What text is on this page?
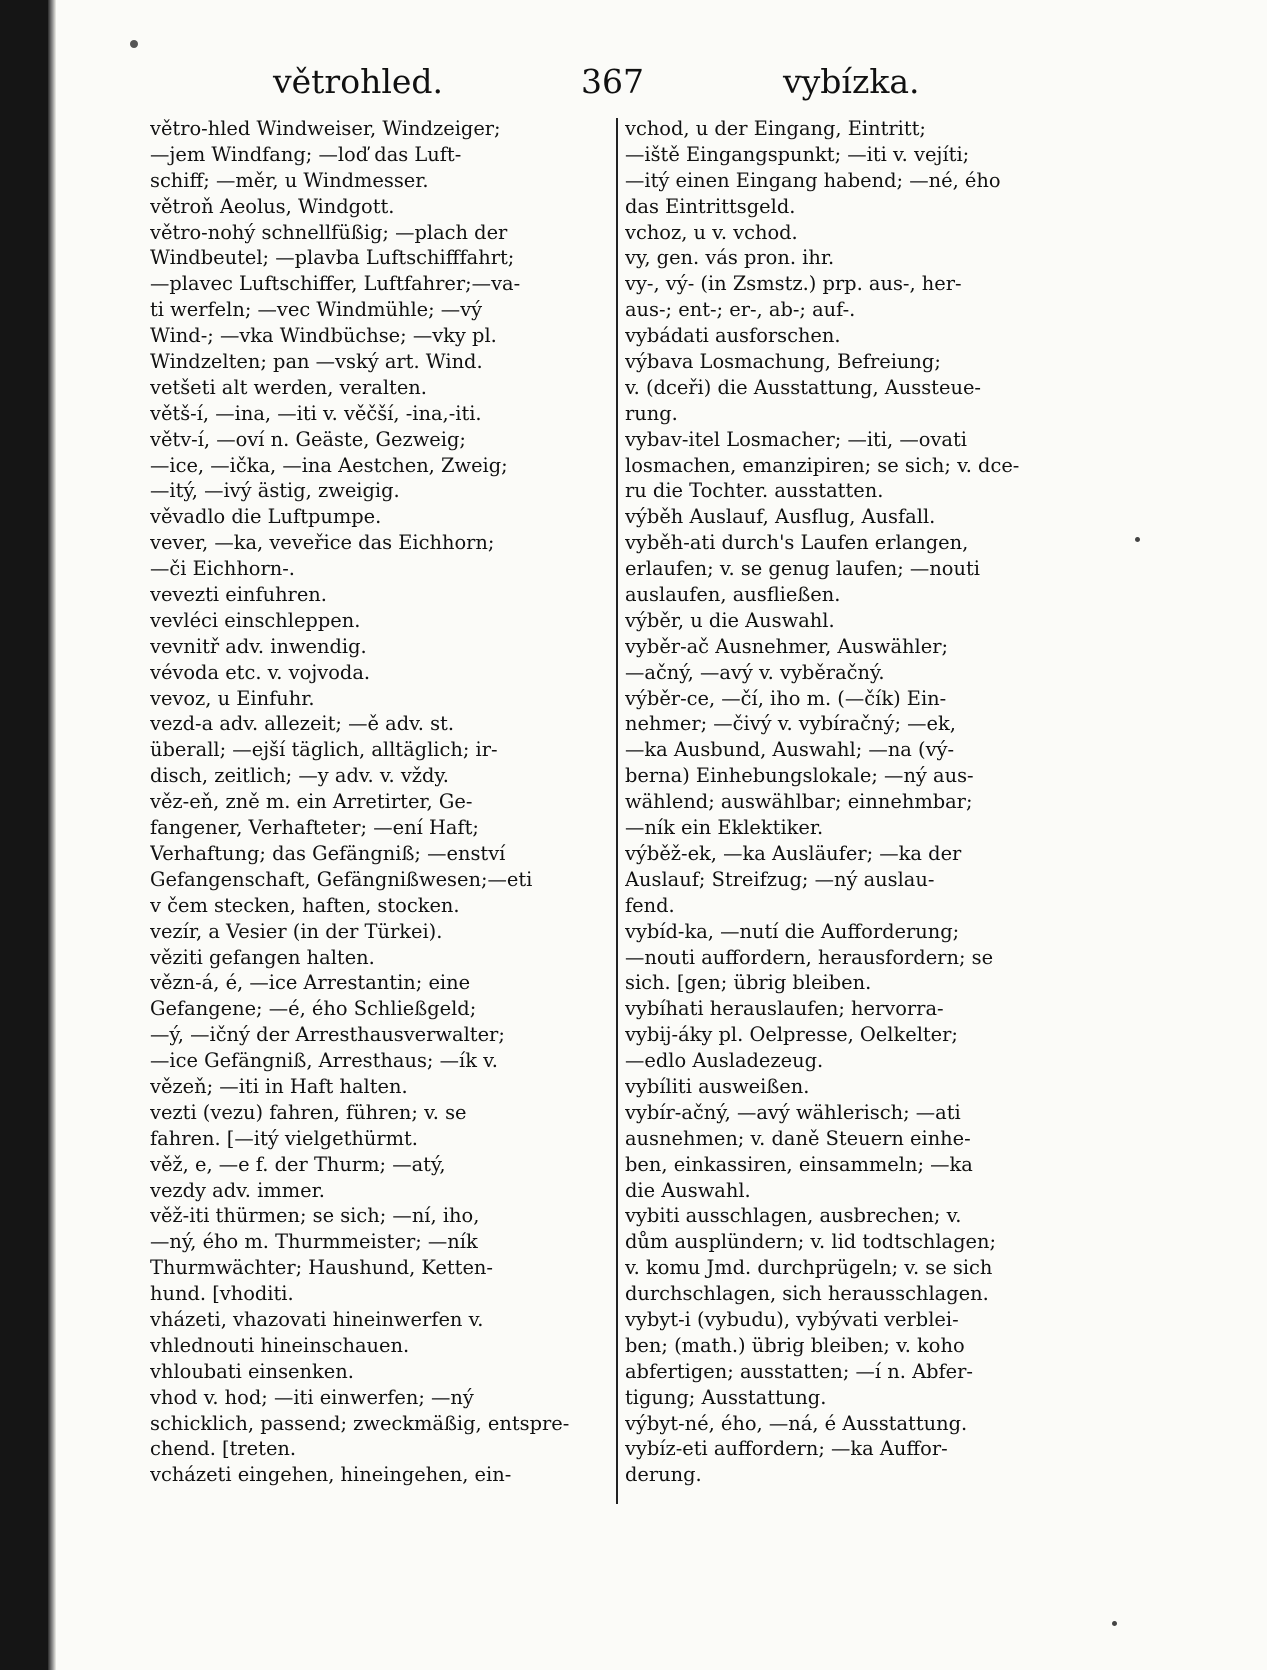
větrohled.	367	vybízka.
větro-hled Windweiser, Windzeiger;
—jem Windfang; —loď das Luft-
schiff; —měr, u Windmesser.
větroň Aeolus, Windgott.
větro-nohý schnellfüßig; —plach der
Windbeutel; —plavba Luftschifffahrt;
—plavec Luftschiffer, Luftfahrer;—va-
ti werfeln; —vec Windmühle; —vý
Wind-; —vka Windbüchse; —vky pl.
Windzelten; pan —vský art. Wind.
vetšeti alt werden, veralten.
větš-í, —ina, —iti v. věčší, -ina,-iti.
větv-í, —oví n. Geäste, Gezweig;
—ice, —ička, —ina Aestchen, Zweig;
—itý, —ivý ästig, zweigig.
věvadlo die Luftpumpe.
vever, —ka, veveřice das Eichhorn;
—či Eichhorn-.
vevezti einfuhren.
vevléci einschleppen.
vevnitř adv. inwendig.
vévoda etc. v. vojvoda.
vevoz, u Einfuhr.
vezd-a adv. allezeit; —ě adv. st.
überall; —ejší täglich, alltäglich; ir-
disch, zeitlich; —y adv. v. vždy.
věz-eň, zně m. ein Arretirter, Ge-
fangener, Verhafteter; —ení Haft;
Verhaftung; das Gefängniß; —enství
Gefangenschaft, Gefängnißwesen;—eti
v čem stecken, haften, stocken.
vezír, a Vesier (in der Türkei).
věziti gefangen halten.
vězn-á, é, —ice Arrestantin; eine
Gefangene; —é, ého Schließgeld;
—ý, —ičný der Arresthausverwalter;
—ice Gefängniß, Arresthaus; —ík v.
vězeň; —iti in Haft halten.
vezti (vezu) fahren, führen; v. se
fahren. [—itý vielgethürmt.
věž, e, —e f. der Thurm; —atý,
vezdy adv. immer.
věž-iti thürmen; se sich; —ní, iho,
—ný, ého m. Thurmmeister; —ník
Thurmwächter; Haushund, Ketten-
hund. [vhoditi.
vházeti, vhazovati hineinwerfen v.
vhlednouti hineinschauen.
vhloubati einsenken.
vhod v. hod; —iti einwerfen; —ný
schicklich, passend; zweckmäßig, entspre-
chend. [treten.
vcházeti eingehen, hineingehen, ein-
vchod, u der Eingang, Eintritt;
—iště Eingangspunkt; —iti v. vejíti;
—itý einen Eingang habend; —né, ého
das Eintrittsgeld.
vchoz, u v. vchod.
vy, gen. vás pron. ihr.
vy-, vý- (in Zsmstz.) prp. aus-, her-
aus-; ent-; er-, ab-; auf-.
vybádati ausforschen.
výbava Losmachung, Befreiung;
v. (dceři) die Ausstattung, Aussteue-
rung.
vybav-itel Losmacher; —iti, —ovati
losmachen, emanzipiren; se sich; v. dce-
ru die Tochter. ausstatten.
výběh Auslauf, Ausflug, Ausfall.
vyběh-ati durch's Laufen erlangen,
erlaufen; v. se genug laufen; —nouti
auslaufen, ausfließen.
výběr, u die Auswahl.
vyběr-ač Ausnehmer, Auswähler;
—ačný, —avý v. vyběračný.
výběr-ce, —čí, iho m. (—čík) Ein-
nehmer; —čivý v. vybíračný; —ek,
—ka Ausbund, Auswahl; —na (vý-
berna) Einhebungslokale; —ný aus-
wählend; auswählbar; einnehmbar;
—ník ein Eklektiker.
výběž-ek, —ka Ausläufer; —ka der
Auslauf; Streifzug; —ný auslau-
fend.
vybíd-ka, —nutí die Aufforderung;
—nouti auffordern, herausfordern; se
sich. [gen; übrig bleiben.
vybíhati herauslaufen; hervorra-
vybij-áky pl. Oelpresse, Oelkelter;
—edlo Ausladezeug.
vybíliti ausweißen.
vybír-ačný, —avý wählerisch; —ati
ausnehmen; v. daně Steuern einhe-
ben, einkassiren, einsammeln; —ka
die Auswahl.
vybiti ausschlagen, ausbrechen; v.
dům ausplündern; v. lid todtschlagen;
v. komu Jmd. durchprügeln; v. se sich
durchschlagen, sich herausschlagen.
vybyt-i (vybudu), vybývati verblei-
ben; (math.) übrig bleiben; v. koho
abfertigen; ausstatten; —í n. Abfer-
tigung; Ausstattung.
výbyt-né, ého, —ná, é Ausstattung.
vybíz-eti auffordern; —ka Auffor-
derung.
